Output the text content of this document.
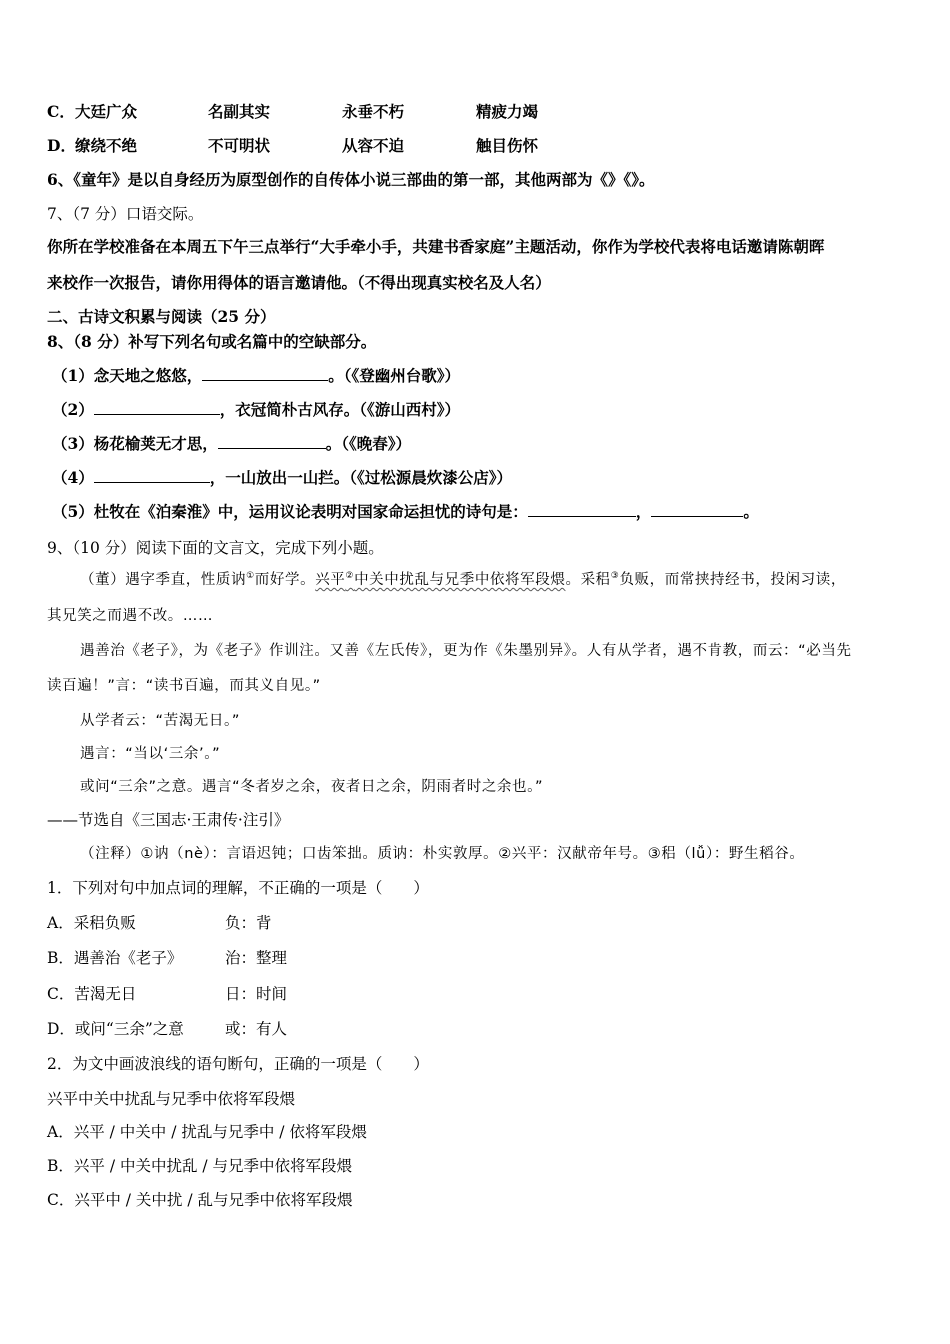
C． 大廷广众	名副其实	永垂不朽	精疲力竭
D． 缭绕不绝	不可明状	从容不迫	触目伤怀
6、《童年》是以自身经历为原型创作的自传体小说三部曲的第一部，其他两部为《》《》。
7、（7 分）口语交际。
你所在学校准备在本周五下午三点举行“大手牵小手，共建书香家庭”主题活动，你作为学校代表将电话邀请陈朝晖
来校作一次报告，请你用得体的语言邀请他。（不得出现真实校名及人名）
二、古诗文积累与阅读（25 分）
8、（8 分）补写下列名句或名篇中的空缺部分。
（1）念天地之悠悠，	。（《登幽州台歌》）
（2）	，衣冠简朴古风存。（《游山西村》）
（3）杨花榆荚无才思，	。（《晚春》）
（4）	，一山放出一山拦。（《过松源晨炊漆公店》）
（5）杜牧在《泊秦淮》中，运用议论表明对国家命运担忧的诗句是：	，	。
9、（10 分）阅读下面的文言文，完成下列小题。
（董）遇字季直，性质讷①而好学。兴平②中关中扰乱与兄季中依将军段煨。采稆③负贩，而常挟持经书，投闲习读，
其兄笑之而遇不改。……
遇善治《老子》，为《老子》作训注。又善《左氏传》，更为作《朱墨别异》。人有从学者，遇不肯教，而云：“必当先
读百遍！”言：“读书百遍，而其义自见。”
从学者云：“苦渴无日。”
遇言：“当以‘三余’。”
或问“三余”之意。遇言“冬者岁之余，夜者日之余，阴雨者时之余也。”
——节选自《三国志·王肃传·注引》
（注释）①讷（nè）：言语迟钝；口齿笨拙。质讷：朴实敦厚。②兴平：汉献帝年号。③稆（lǚ）：野生稻谷。
1．下列对句中加点词的理解，不正确的一项是（　　）
A．采稆负贩	负：背
B．遇善治《老子》	治：整理
C．苦渴无日	日：时间
D．或问“三余”之意	或：有人
2．为文中画波浪线的语句断句，正确的一项是（　　）
兴平中关中扰乱与兄季中依将军段煨
A．兴平 / 中关中 / 扰乱与兄季中 / 依将军段煨
B．兴平 / 中关中扰乱 / 与兄季中依将军段煨
C．兴平中 / 关中扰 / 乱与兄季中依将军段煨
